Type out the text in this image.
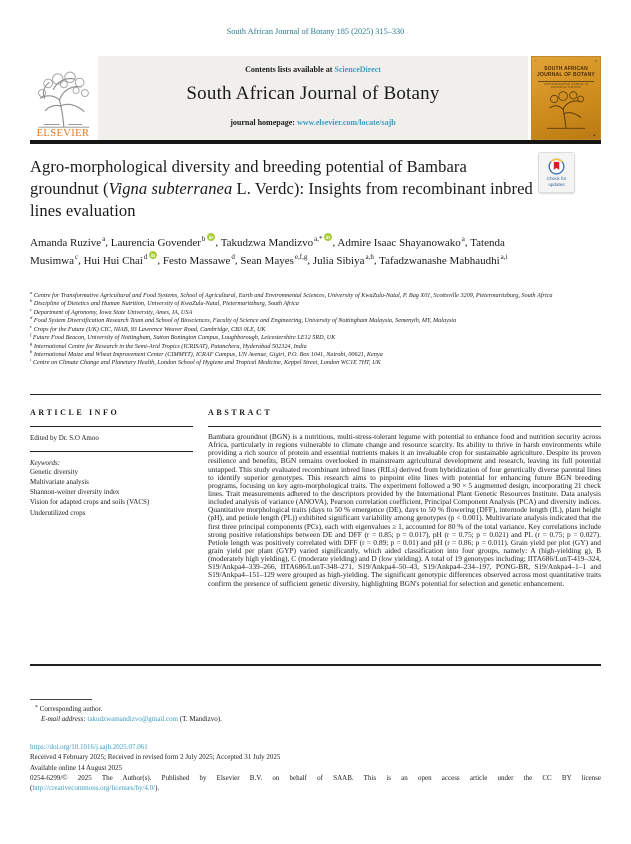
South African Journal of Botany 185 (2025) 315–330
ELSEVIER
Contents lists available at ScienceDirect
South African Journal of Botany
journal homepage: www.elsevier.com/locate/sajb
≡	▪▪
SOUTH AFRICAN JOURNAL OF BOTANY
AN INTERNATIONAL JOURNAL OF BOTANICAL SCIENCES
▲
Agro-morphological diversity and breeding potential of Bambara groundnut (Vigna subterranea L. Verdc): Insights from recombinant inbred lines evaluation
Check for updates
Amanda Ruzive$^a$, Laurencia Govender$^b$ iD , Takudzwa Mandizvo$^{a,*}$ iD , Admire Isaac Shayanowako$^a$, Tatenda Musimwa$^c$, Hui Hui Chai$^d$ iD , Festo Massawe$^d$, Sean Mayes$^{e,f,g}$, Julia Sibiya$^{a,h}$, Tafadzwanashe Mabhaudhi$^{a,i}$
$^a$ Centre for Transformative Agricultural and Food Systems, School of Agricultural, Earth and Environmental Sciences, University of KwaZulu-Natal, P. Bag X01, Scottsville 3209, Pietermaritzburg, South Africa
$^b$ Discipline of Dietetics and Human Nutrition, University of KwaZulu-Natal, Pietermaritzburg, South Africa
$^c$ Department of Agronomy, Iowa State University, Ames, IA, USA
$^d$ Food System Diversification Research Team and School of Biosciences, Faculty of Science and Engineering, University of Nottingham Malaysia, Semenyih, MY, Malaysia
$^e$ Crops for the Future (UK) CIC, NIAB, 93 Lawrence Weaver Road, Cambridge, CB3 0LE, UK
$^f$ Future Food Beacon, University of Nottingham, Sutton Bonington Campus, Loughborough, Leicestershire LE12 5RD, UK
$^g$ International Centre for Research in the Semi-Arid Tropics (ICRISAT), Patancheru, Hyderabad 502324, India
$^h$ International Maize and Wheat Improvement Center (CIMMYT), ICRAF Campus, UN Avenue, Gigiri, P.O. Box 1041, Nairobi, 00621, Kenya
$^i$ Centre on Climate Change and Planetary Health, London School of Hygiene and Tropical Medicine, Keppel Street, London WC1E 7HT, UK
ARTICLE INFO
Edited by Dr. S.O Amoo
Keywords:
Genetic diversity
Multivariate analysis
Shannon-weiner diversity index
Vision for adapted crops and soils (VACS)
Underutilized crops
ABSTRACT
Bambara groundnut (BGN) is a nutritious, multi-stress-tolerant legume with potential to enhance food and nutrition security across Africa, particularly in regions vulnerable to climate change and resource scarcity. Its ability to thrive in harsh environments while providing a rich source of protein and essential nutrients makes it an invaluable crop for sustainable agriculture. Despite its proven resilience and benefits, BGN remains overlooked in mainstream agricultural development and research, leaving its full potential untapped. This study evaluated recombinant inbred lines (RILs) derived from hybridization of four genetically diverse parental lines to identify superior genotypes. This research aims to pinpoint elite lines with potential for enhancing future BGN breeding programs, focusing on key agro-morphological traits. The experiment followed a 90 × 5 augmented design, incorporating 21 check lines. Trait measurements adhered to the descriptors provided by the International Plant Genetic Resources Institute. Data analysis included analysis of variance (ANOVA), Pearson correlation coefficient, Principal Component Analysis (PCA) and diversity indices. Quantitative morphological traits (days to 50 % emergence (DE), days to 50 % flowering (DFF), internode length (IL), plant height (pH), and petiole length (PL)) exhibited significant variability among genotypes (p < 0.001). Multivariate analysis indicated that the first three principal components (PCs), each with eigenvalues ≥ 1, accounted for 80 % of the total variance. Key correlations include strong positive relationships between DE and DFF (r = 0.85; p = 0.017), pH (r = 0.75; p = 0.021) and PL (r = 0.75; p = 0.027). Petiole length was positively correlated with DFF (r = 0.89; p = 0.01) and pH (r = 0.86; p = 0.011). Grain yield per plot (GY) and grain yield per plant (GYP) varied significantly, which aided classification into four groups, namely: A (high-yielding g), B (moderately high yielding), C (moderate yielding) and D (low yielding). A total of 19 genotypes including; IITA686/LunT-419–324, S19/Ankpa4–339–266, IITA686/LunT-348–271, S19/Ankpa4–50–43, S19/Ankpa4–234–197, PONG-BR, S19/Ankpa4–1–1 and S19/Ankpa4–151–129 were grouped as high-yielding. The significant genotypic differences observed across most quantitative traits confirm the presence of sufficient genetic diversity, highlighting BGN's potential for selection and genetic enhancement.
* Corresponding author.
E-mail address: takudzwamandizvo@gmail.com (T. Mandizvo).
https://doi.org/10.1016/j.sajb.2025.07.061
Received 4 February 2025; Received in revised form 2 July 2025; Accepted 31 July 2025
Available online 14 August 2025
0254-6299/© 2025 The Author(s). Published by Elsevier B.V. on behalf of SAAB. This is an open access article under the CC BY license
(http://creativecommons.org/licenses/by/4.0/).
